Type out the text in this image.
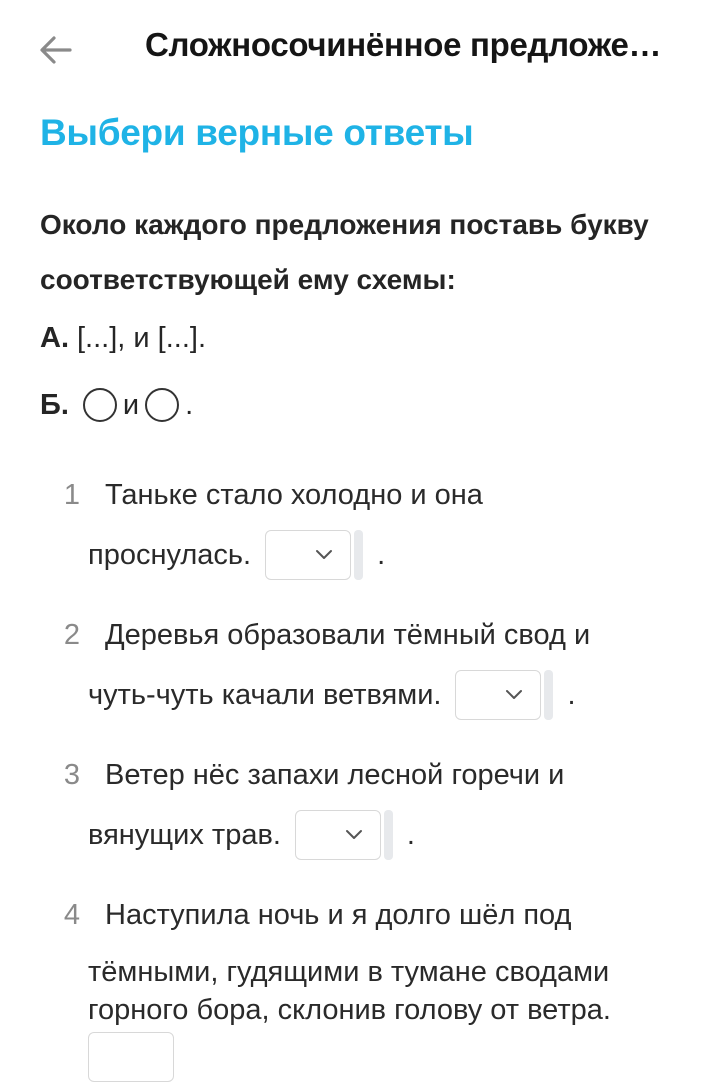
Сложносочинённое предложе…
Выбери верные ответы
Около каждого предложения поставь букву соответствующей ему схемы:
А. [...], и [...].
Б. и .
1 Таньке стало холодно и она
проснулась.	.
2 Деревья образовали тёмный свод и
чуть-чуть качали ветвями.	.
3 Ветер нёс запахи лесной горечи и
вянущих трав.	.
4 Наступила ночь и я долго шёл под
тёмными, гудящими в тумане сводами
горного бора, склонив голову от ветра.
